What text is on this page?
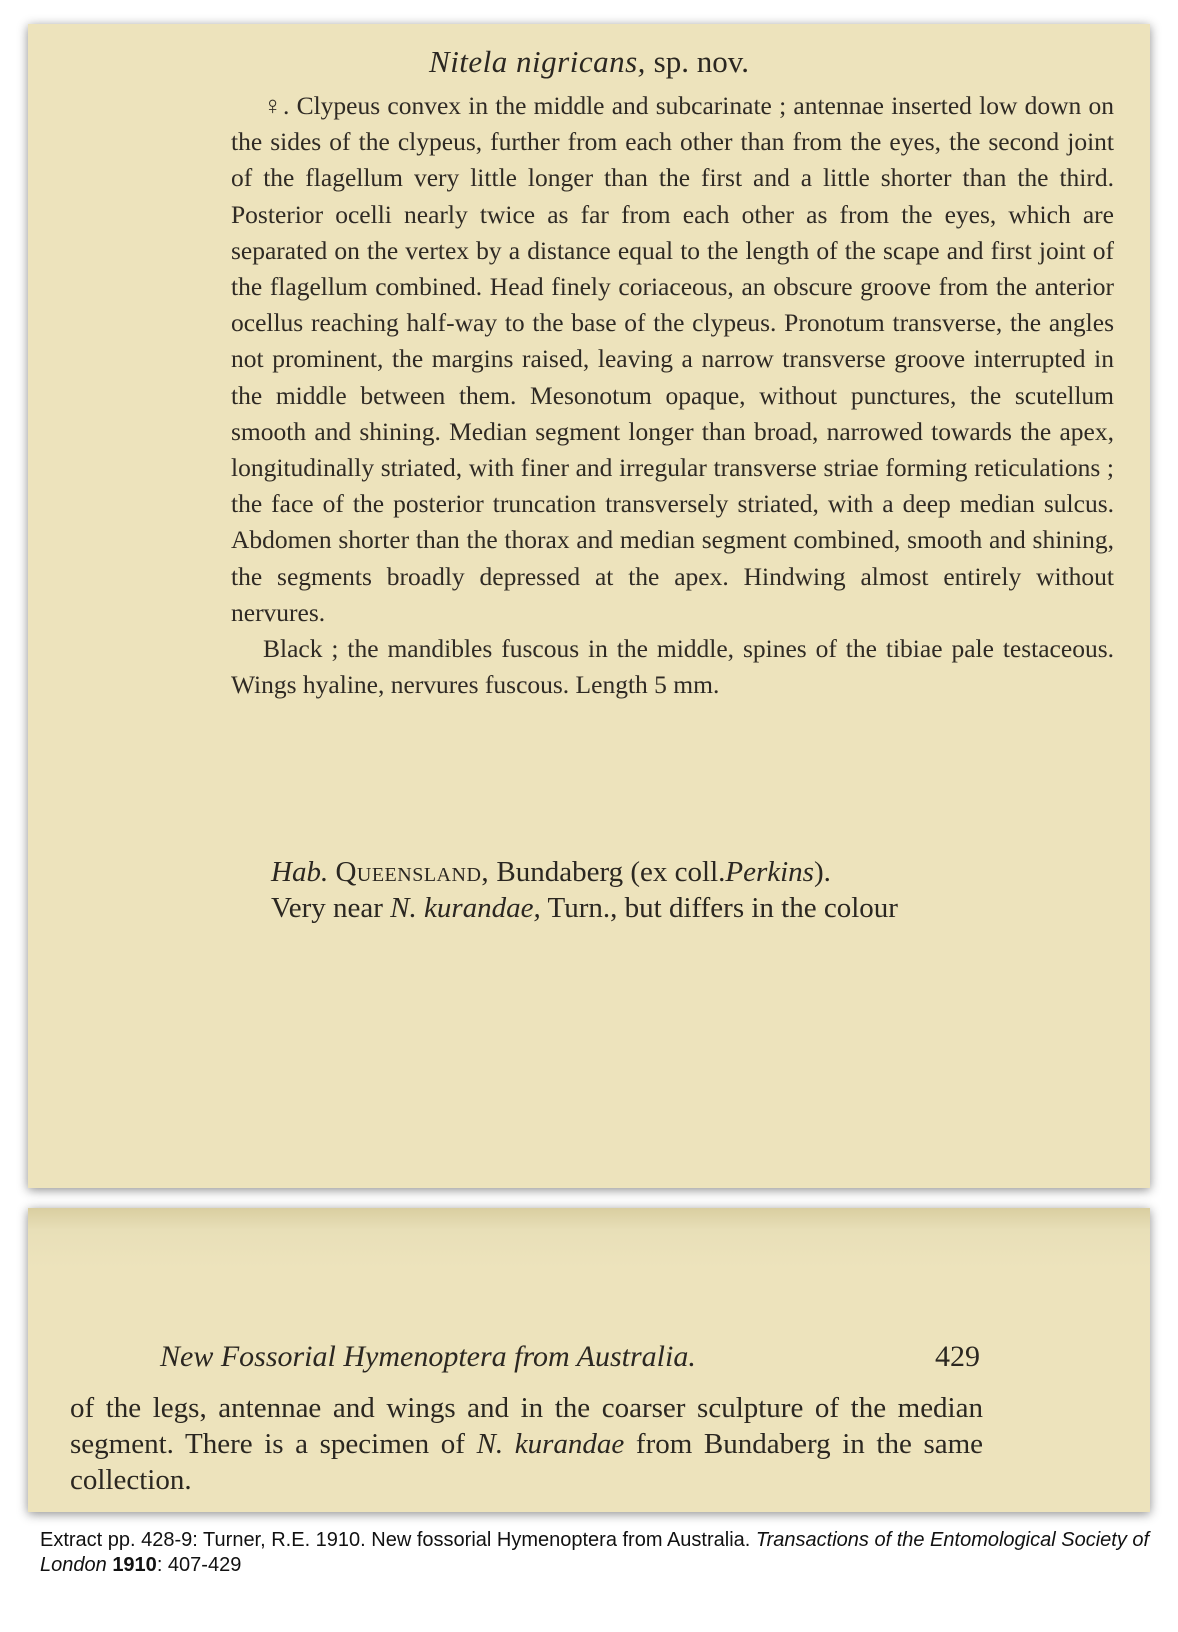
Nitela nigricans, sp. nov.

♀. Clypeus convex in the middle and subcarinate ; antennae inserted low down on the sides of the clypeus, further from each other than from the eyes, the second joint of the flagellum very little longer than the first and a little shorter than the third. Posterior ocelli nearly twice as far from each other as from the eyes, which are separated on the vertex by a distance equal to the length of the scape and first joint of the flagellum combined. Head finely coriaceous, an obscure groove from the anterior ocellus reaching half-way to the base of the clypeus. Pronotum transverse, the angles not prominent, the margins raised, leaving a narrow transverse groove interrupted in the middle between them. Mesonotum opaque, without punctures, the scutellum smooth and shining. Median segment longer than broad, narrowed towards the apex, longitudinally striated, with finer and irregular transverse striae forming reticulations ; the face of the posterior truncation transversely striated, with a deep median sulcus. Abdomen shorter than the thorax and median segment combined, smooth and shining, the segments broadly depressed at the apex. Hindwing almost entirely without nervures.

Black ; the mandibles fuscous in the middle, spines of the tibiae pale testaceous. Wings hyaline, nervures fuscous. Length 5 mm.

Hab. Queensland, Bundaberg (ex coll.Perkins).

Very near N. kurandae, Turn., but differs in the colour

New Fossorial Hymenoptera from Australia.	429

of the legs, antennae and wings and in the coarser sculpture of the median segment. There is a specimen of N. kurandae from Bundaberg in the same collection.

Extract pp. 428-9: Turner, R.E. 1910. New fossorial Hymenoptera from Australia. Transactions of the Entomological Society of London 1910: 407-429
